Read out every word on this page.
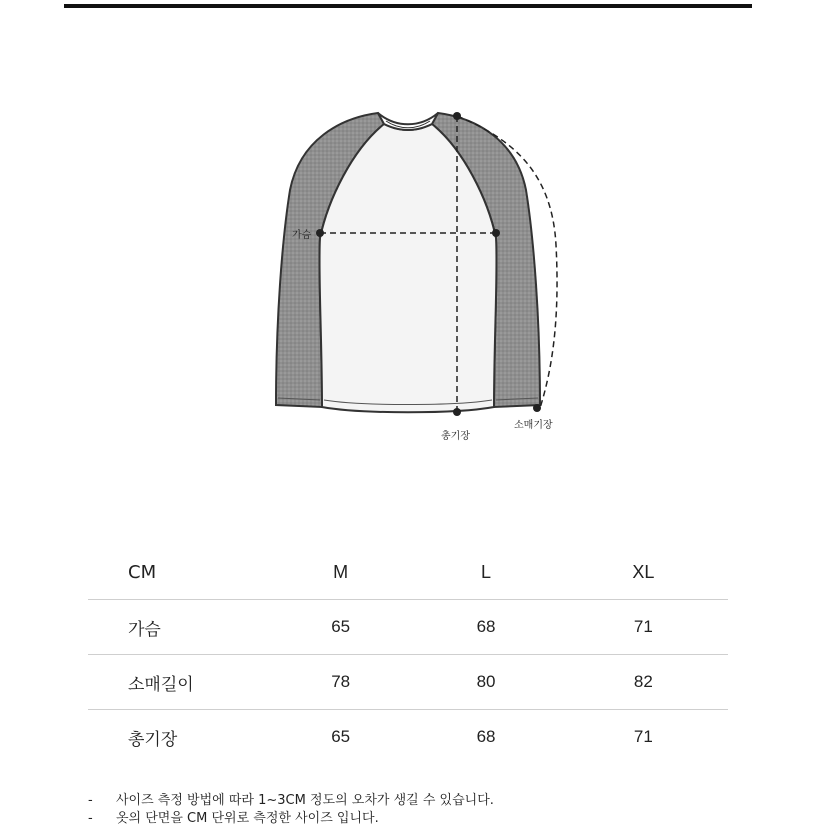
가슴
총기장
소매기장
CM	M	L	XL
가슴	65	68	71
소매길이	78	80	82
총기장	65	68	71
-	사이즈 측정 방법에 따라 1~3CM 정도의 오차가 생길 수 있습니다.
-	옷의 단면을 CM 단위로 측정한 사이즈 입니다.
